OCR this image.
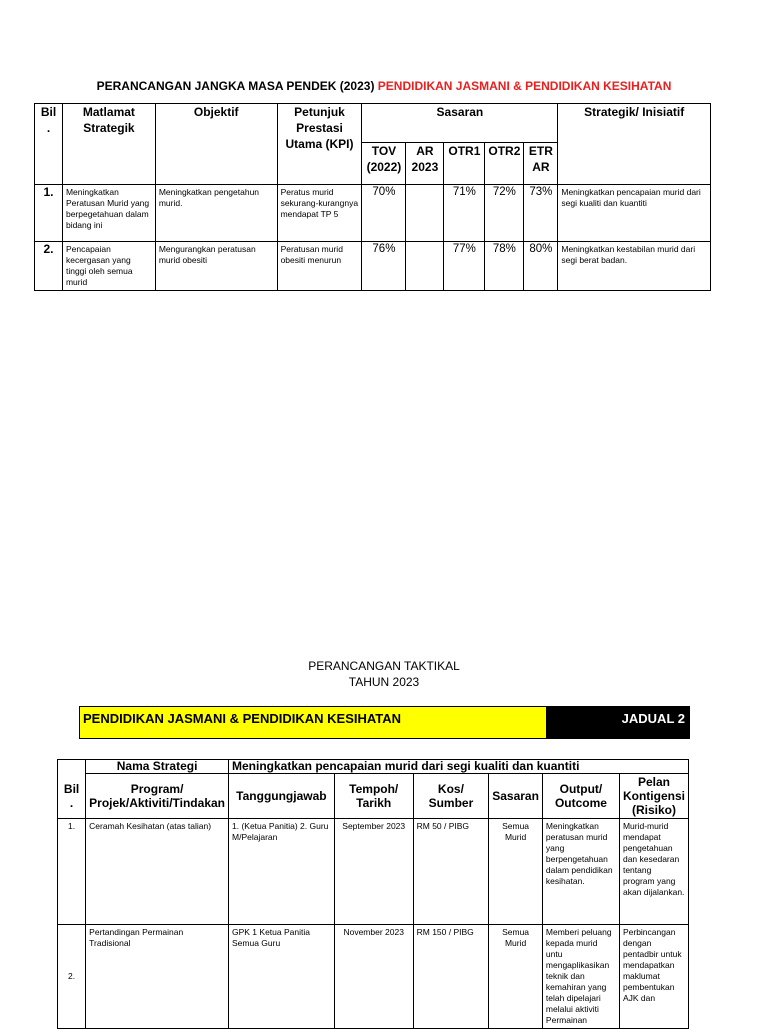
PERANCANGAN JANGKA MASA PENDEK (2023) PENDIDIKAN JASMANI & PENDIDIKAN KESIHATAN
Bil .	Matlamat Strategik	Objektif	Petunjuk Prestasi Utama (KPI)	Sasaran					Strategik/ Inisiatif
				TOV (2022)	AR 2023	OTR1	OTR2	ETR AR	
1.	Meningkatkan Peratusan Murid yang berpegetahuan dalam bidang ini	Meningkatkan pengetahun murid.	Peratus murid sekurang-kurangnya mendapat TP 5	70%		71%	72%	73%	Meningkatkan pencapaian murid dari segi kualiti dan kuantiti
2.	Pencapaian kecergasan yang tinggi oleh semua murid	Mengurangkan peratusan murid obesiti	Peratusan murid obesiti menurun	76%		77%	78%	80%	Meningkatkan kestabilan murid dari segi berat badan.
PERANCANGAN TAKTIKAL
TAHUN 2023
PENDIDIKAN JASMANI & PENDIDIKAN KESIHATAN	JADUAL 2
	Nama Strategi	Meningkatkan pencapaian murid dari segi kualiti dan kuantiti					
Bil .	Program/ Projek/Aktiviti/Tindakan	Tanggungjawab	Tempoh/ Tarikh	Kos/ Sumber	Sasaran	Output/ Outcome	Pelan Kontigensi (Risiko)
1.	Ceramah Kesihatan (atas talian)	1. (Ketua Panitia) 2. Guru M/Pelajaran	September 2023	RM 50 / PIBG	Semua Murid	Meningkatkan peratusan murid yang berpengetahuan dalam pendidikan kesihatan.	Murid-murid mendapat pengetahuan dan kesedaran tentang program yang akan dijalankan.
2.	Pertandingan Permainan Tradisional	GPK 1 Ketua Panitia Semua Guru	November 2023	RM 150 / PIBG	Semua Murid	Memberi peluang kepada murid untu mengaplikasikan teknik dan kemahiran yang telah dipelajari melalui aktiviti Permainan	Perbincangan dengan pentadbir untuk mendapatkan maklumat pembentukan AJK dan
